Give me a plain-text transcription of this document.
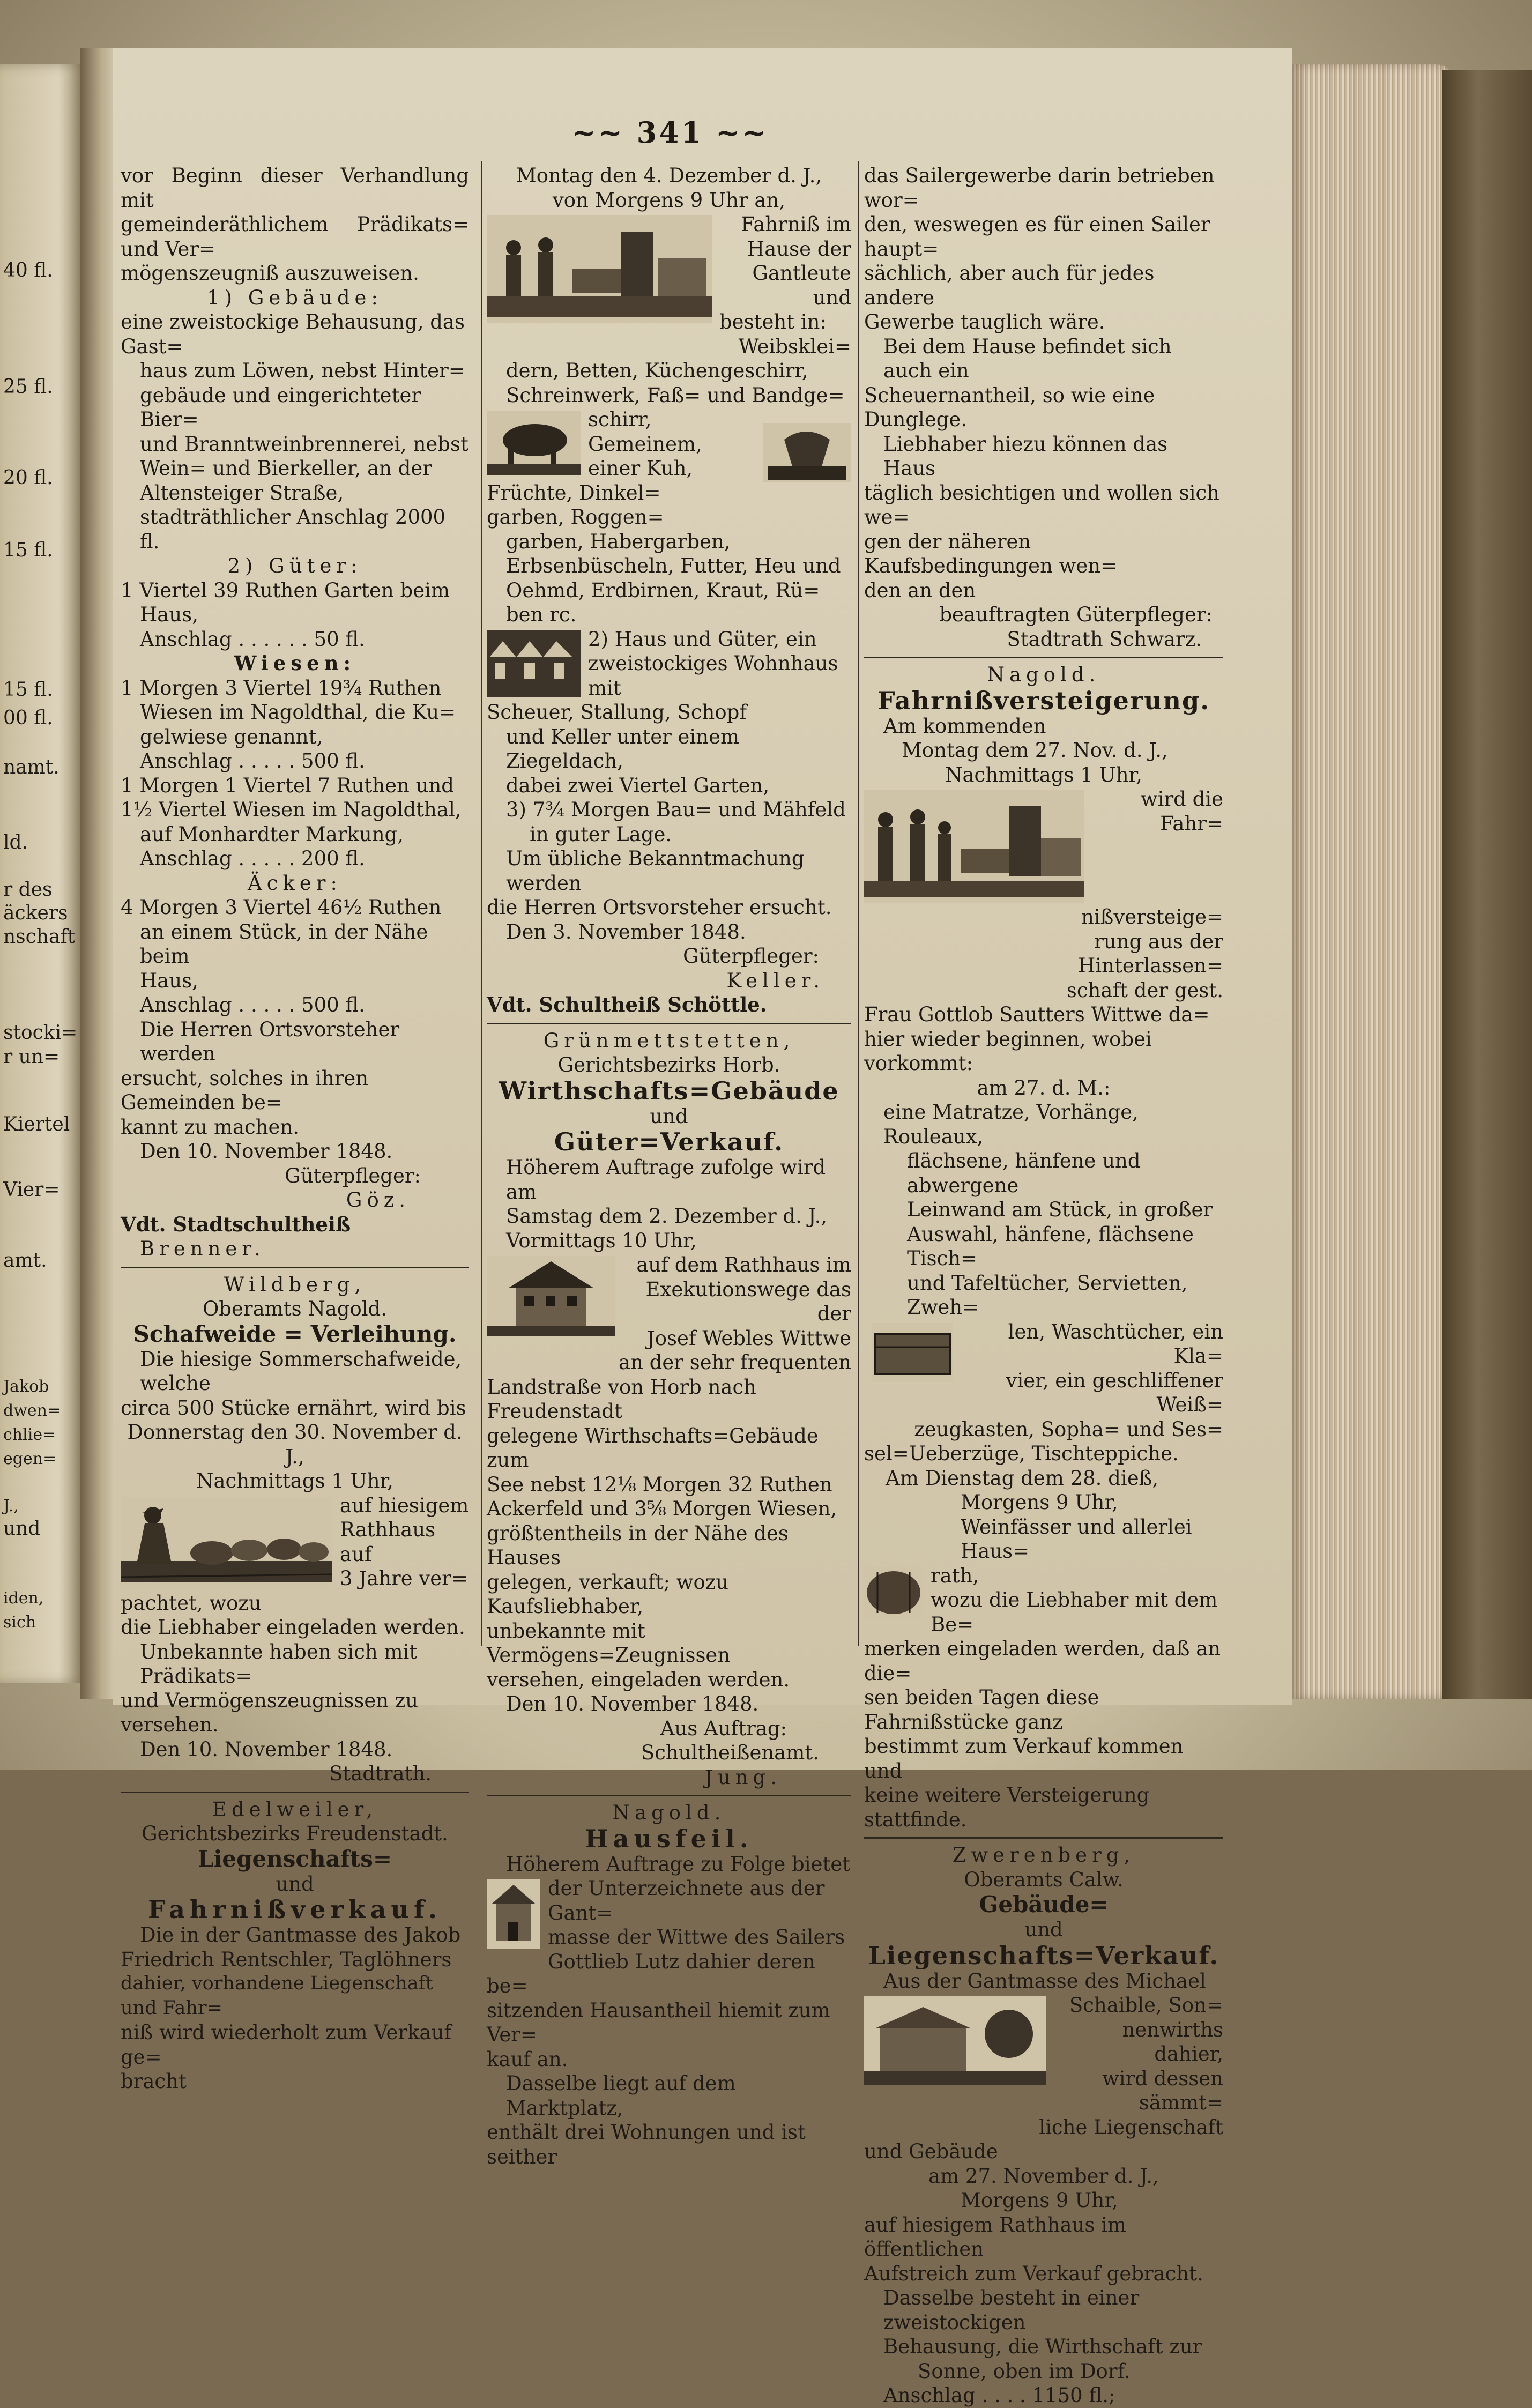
40 fl.
25 fl.
20 fl.
15 fl.
15 fl.
00 fl.
namt.
ld.
r des
äckers
nschaft
stocki=
r un=
Kiertel
Vier=
amt.
Jakob
dwen=
chlie=
egen=
J.,
und
iden,
sich
~~ 341 ~~

vor Beginn dieser Verhandlung mit

gemeinderäthlichem Prädikats= und Ver=

mögenszeugniß auszuweisen.

1) Gebäude:

eine zweistockige Behausung, das Gast=

haus zum Löwen, nebst Hinter=

gebäude und eingerichteter Bier=

und Branntweinbrennerei, nebst

Wein= und Bierkeller, an der

Altensteiger Straße,

stadträthlicher Anschlag 2000 fl.

2) Güter:

1 Viertel 39 Ruthen Garten beim

Haus,

Anschlag . . . . . . 50 fl.

Wiesen:

1 Morgen 3 Viertel 19¾ Ruthen

Wiesen im Nagoldthal, die Ku=

gelwiese genannt,

Anschlag . . . . . 500 fl.

1 Morgen 1 Viertel 7 Ruthen und

1½ Viertel Wiesen im Nagoldthal,

auf Monhardter Markung,

Anschlag . . . . . 200 fl.

Äcker:

4 Morgen 3 Viertel 46½ Ruthen

an einem Stück, in der Nähe beim

Haus,

Anschlag . . . . . 500 fl.

Die Herren Ortsvorsteher werden

ersucht, solches in ihren Gemeinden be=

kannt zu machen.

Den 10. November 1848.

Güterpfleger:

Göz.

Vdt. Stadtschultheiß

Brenner.

Wildberg,

Oberamts Nagold.

Schafweide = Verleihung.

Die hiesige Sommerschafweide, welche

circa 500 Stücke ernährt, wird bis

Donnerstag den 30. November d. J.,

Nachmittags 1 Uhr,

auf hiesigem

Rathhaus auf

3 Jahre ver=

pachtet, wozu

die Liebhaber eingeladen werden.

Unbekannte haben sich mit Prädikats=

und Vermögenszeugnissen zu versehen.

Den 10. November 1848.

Stadtrath.

Edelweiler,

Gerichtsbezirks Freudenstadt.

Liegenschafts=

und

Fahrnißverkauf.

Die in der Gantmasse des Jakob

Friedrich Rentschler, Taglöhners

dahier, vorhandene Liegenschaft und Fahr=

niß wird wiederholt zum Verkauf ge=

bracht

Montag den 4. Dezember d. J.,

von Morgens 9 Uhr an,

Fahrniß im

Hause der

Gantleute und

besteht in:

Weibsklei=

dern, Betten, Küchengeschirr,

Schreinwerk, Faß= und Bandge=

schirr, Gemeinem, einer Kuh,

Früchte, Dinkel=

garben, Roggen=

garben, Habergarben,

Erbsenbüscheln, Futter, Heu und

Oehmd, Erdbirnen, Kraut, Rü=

ben rc.

2) Haus und Güter, ein

zweistockiges Wohnhaus mit

Scheuer, Stallung, Schopf

und Keller unter einem Ziegeldach,

dabei zwei Viertel Garten,

3) 7¾ Morgen Bau= und Mähfeld

in guter Lage.

Um übliche Bekanntmachung werden

die Herren Ortsvorsteher ersucht.

Den 3. November 1848.

Güterpfleger:

Keller.

Vdt. Schultheiß Schöttle.

Grünmettstetten,

Gerichtsbezirks Horb.

Wirthschafts=Gebäude

und

Güter=Verkauf.

Höherem Auftrage zufolge wird am

Samstag dem 2. Dezember d. J.,

Vormittags 10 Uhr,

auf dem Rathhaus im

Exekutionswege das der

Josef Webles Wittwe

an der sehr frequenten

Landstraße von Horb nach Freudenstadt

gelegene Wirthschafts=Gebäude zum

See nebst 12⅛ Morgen 32 Ruthen

Ackerfeld und 3⅝ Morgen Wiesen,

größtentheils in der Nähe des Hauses

gelegen, verkauft; wozu Kaufsliebhaber,

unbekannte mit Vermögens=Zeugnissen

versehen, eingeladen werden.

Den 10. November 1848.

Aus Auftrag:

Schultheißenamt.

Jung.

Nagold.

Hausfeil.

Höherem Auftrage zu Folge bietet

der Unterzeichnete aus der Gant=

masse der Wittwe des Sailers

Gottlieb Lutz dahier deren be=

sitzenden Hausantheil hiemit zum Ver=

kauf an.

Dasselbe liegt auf dem Marktplatz,

enthält drei Wohnungen und ist seither

das Sailergewerbe darin betrieben wor=

den, weswegen es für einen Sailer haupt=

sächlich, aber auch für jedes andere

Gewerbe tauglich wäre.

Bei dem Hause befindet sich auch ein

Scheuernantheil, so wie eine Dunglege.

Liebhaber hiezu können das Haus

täglich besichtigen und wollen sich we=

gen der näheren Kaufsbedingungen wen=

den an den

beauftragten Güterpfleger:

Stadtrath Schwarz.

Nagold.

Fahrnißversteigerung.

Am kommenden

Montag dem 27. Nov. d. J.,

Nachmittags 1 Uhr,

wird die Fahr=

nißversteige=

rung aus der

Hinterlassen=

schaft der gest.

Frau Gottlob Sautters Wittwe da=

hier wieder beginnen, wobei vorkommt:

am 27. d. M.:

eine Matratze, Vorhänge, Rouleaux,

flächsene, hänfene und abwergene

Leinwand am Stück, in großer

Auswahl, hänfene, flächsene Tisch=

und Tafeltücher, Servietten, Zweh=

len, Waschtücher, ein Kla=

vier, ein geschliffener Weiß=

zeugkasten, Sopha= und Ses=

sel=Ueberzüge, Tischteppiche.

Am Dienstag dem 28. dieß,

Morgens 9 Uhr,

Weinfässer und allerlei Haus=

rath,

wozu die Liebhaber mit dem Be=

merken eingeladen werden, daß an die=

sen beiden Tagen diese Fahrnißstücke ganz

bestimmt zum Verkauf kommen und

keine weitere Versteigerung stattfinde.

Zwerenberg,

Oberamts Calw.

Gebäude=

und

Liegenschafts=Verkauf.

Aus der Gantmasse des Michael

Schaible, Son=

nenwirths dahier,

wird dessen sämmt=

liche Liegenschaft

und Gebäude

am 27. November d. J.,

Morgens 9 Uhr,

auf hiesigem Rathhaus im öffentlichen

Aufstreich zum Verkauf gebracht.

Dasselbe besteht in einer zweistockigen

Behausung, die Wirthschaft zur

Sonne, oben im Dorf.

Anschlag . . . . 1150 fl.;
